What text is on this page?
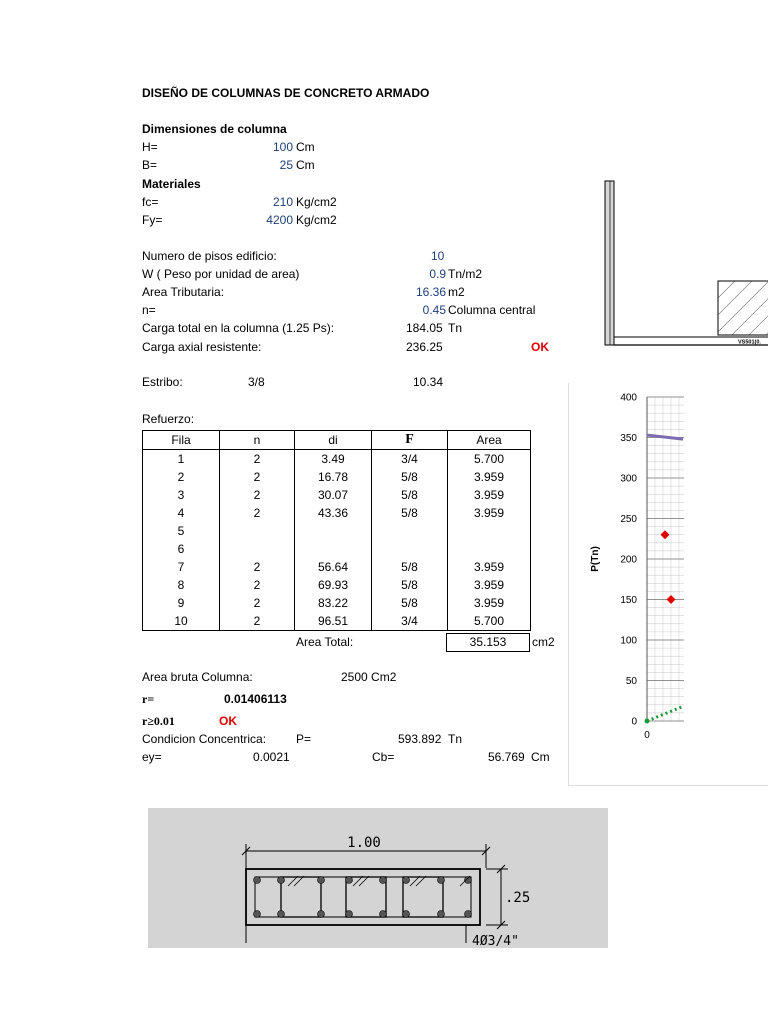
DISEÑO DE COLUMNAS DE CONCRETO ARMADO
Dimensiones de columna
H=	100 Cm
B=	25 Cm
Materiales
fc=	210 Kg/cm2
Fy=	4200 Kg/cm2
Numero de pisos edificio:	10
W ( Peso por unidad de area)	0.9 Tn/m2
Area Tributaria:	16.36 m2
n=	0.45 Columna central
Carga total en la columna (1.25 Ps):	184.05 Tn
Carga axial resistente:	236.25	OK
Estribo:	3/8	10.34
Refuerzo:
Fila	n	di	F	Area
1	2	3.49	3/4	5.700
2	2	16.78	5/8	3.959
3	2	30.07	5/8	3.959
4	2	43.36	5/8	3.959
5				
6				
7	2	56.64	5/8	3.959
8	2	69.93	5/8	3.959
9	2	83.22	5/8	3.959
10	2	96.51	3/4	5.700
Area Total:	35.153	cm2
Area bruta Columna:	2500 Cm2
r=	0.01406113
r≥0.01	OK
Condicion Concentrica: P=	593.892 Tn
ey=	0.0021	Cb=	56.769 Cm
VS501(0.
400
350
300
250
200
150
100
50
0
0
P(Tn)
1.00
.25
4Ø3/4"
